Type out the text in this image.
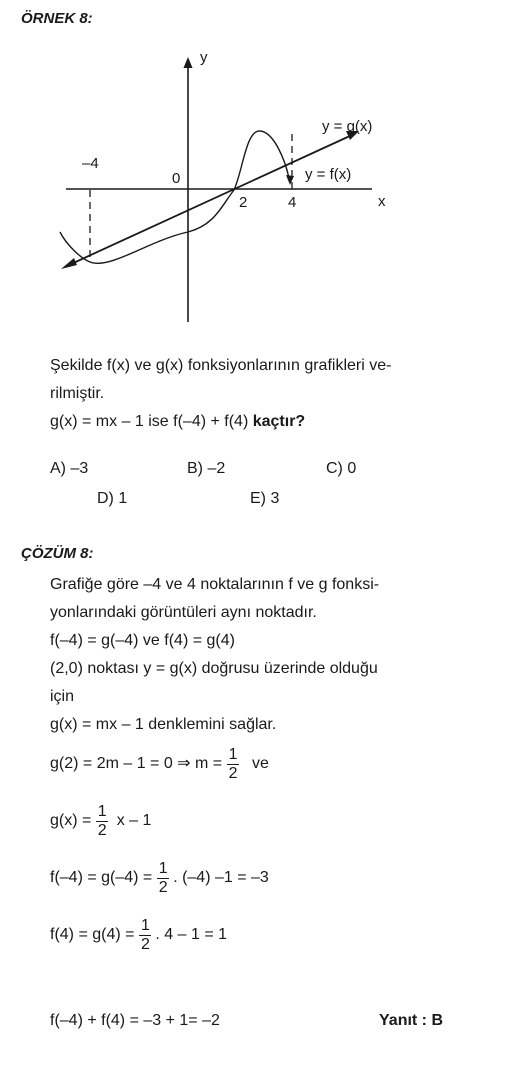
ÖRNEK 8:
y
x
0
–4
2	4
y = g(x)
y = f(x)
Şekilde f(x) ve g(x) fonksiyonlarının grafikleri ve-
rilmiştir.
g(x) = mx – 1 ise f(–4) + f(4) kaçtır?
A) –3	B) –2	C) 0
D) 1	E) 3
ÇÖZÜM 8:
Grafiğe göre –4 ve 4 noktalarının f ve g fonksi-
yonlarındaki görüntüleri aynı noktadır.
f(–4) = g(–4) ve f(4) = g(4)
(2,0) noktası y = g(x) doğrusu üzerinde olduğu
için
g(x) = mx – 1 denklemini sağlar.
g(2) = 2m – 1 = 0 ⇒ $m = \frac{1}{2}$ ve
$g(x) = \frac{1}{2}$ x – 1
$f(-4) = g(-4) = \frac{1}{2}$ . (–4) –1 = –3
$f(4) = g(4) = \frac{1}{2}$ . 4 – 1 = 1
f(–4) + f(4) = –3 + 1= –2	Yanıt : B
